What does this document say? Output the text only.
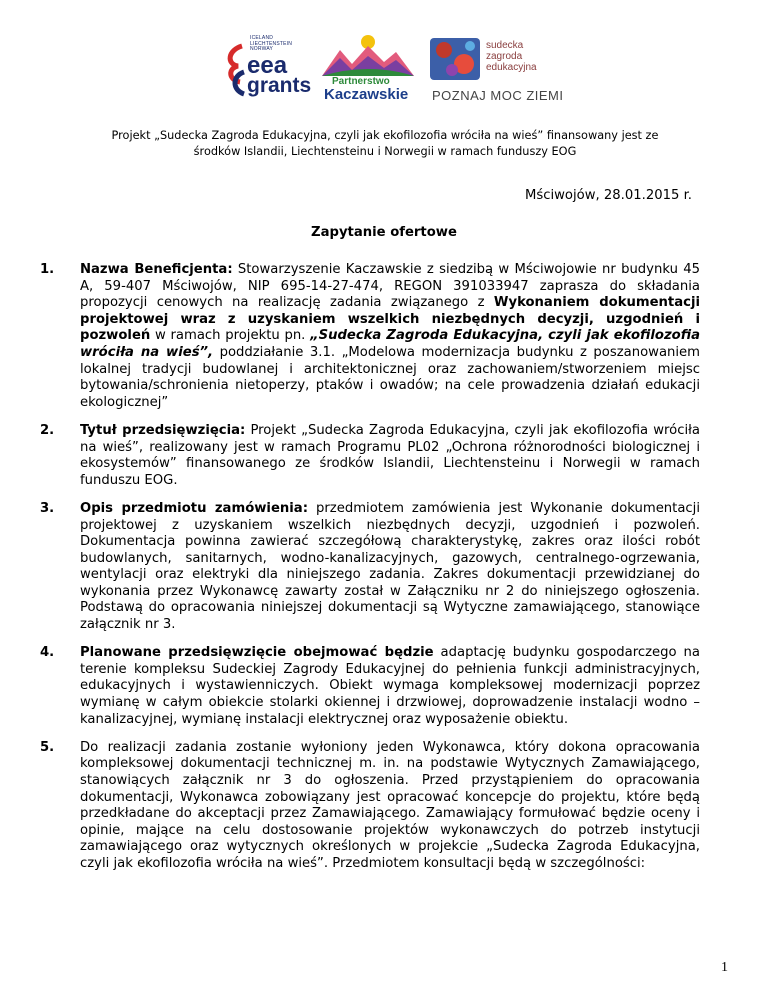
ICELAND
LIECHTENSTEIN
NORWAY
eea
grants Partnerstwo
Kaczawskie
sudecka
zagroda
edukacyjna
POZNAJ MOC ZIEMI
Projekt „Sudecka Zagroda Edukacyjna, czyli jak ekofilozofia wróciła na wieś” finansowany jest ze środków Islandii, Liechtensteinu i Norwegii w ramach funduszy EOG
Mściwojów, 28.01.2015 r.
Zapytanie ofertowe
1. Nazwa Beneficjenta: Stowarzyszenie Kaczawskie z siedzibą w Mściwojowie nr budynku 45 A, 59-407 Mściwojów, NIP 695-14-27-474, REGON 391033947 zaprasza do składania propozycji cenowych na realizację zadania związanego z Wykonaniem dokumentacji projektowej wraz z uzyskaniem wszelkich niezbędnych decyzji, uzgodnień i pozwoleń w ramach projektu pn. „Sudecka Zagroda Edukacyjna, czyli jak ekofilozofia wróciła na wieś”, poddziałanie 3.1. „Modelowa modernizacja budynku z poszanowaniem lokalnej tradycji budowlanej i architektonicznej oraz zachowaniem/stworzeniem miejsc bytowania/schronienia nietoperzy, ptaków i owadów; na cele prowadzenia działań edukacji ekologicznej”
2. Tytuł przedsięwzięcia: Projekt „Sudecka Zagroda Edukacyjna, czyli jak ekofilozofia wróciła na wieś”, realizowany jest w ramach Programu PL02 „Ochrona różnorodności biologicznej i ekosystemów” finansowanego ze środków Islandii, Liechtensteinu i Norwegii w ramach funduszu EOG.
3. Opis przedmiotu zamówienia: przedmiotem zamówienia jest Wykonanie dokumentacji projektowej z uzyskaniem wszelkich niezbędnych decyzji, uzgodnień i pozwoleń. Dokumentacja powinna zawierać szczegółową charakterystykę, zakres oraz ilości robót budowlanych, sanitarnych, wodno-kanalizacyjnych, gazowych, centralnego-ogrzewania, wentylacji oraz elektryki dla niniejszego zadania. Zakres dokumentacji przewidzianej do wykonania przez Wykonawcę zawarty został w Załączniku nr 2 do niniejszego ogłoszenia. Podstawą do opracowania niniejszej dokumentacji są Wytyczne zamawiającego, stanowiące załącznik nr 3.
4. Planowane przedsięwzięcie obejmować będzie adaptację budynku gospodarczego na terenie kompleksu Sudeckiej Zagrody Edukacyjnej do pełnienia funkcji administracyjnych, edukacyjnych i wystawienniczych. Obiekt wymaga kompleksowej modernizacji poprzez wymianę w całym obiekcie stolarki okiennej i drzwiowej, doprowadzenie instalacji wodno – kanalizacyjnej, wymianę instalacji elektrycznej oraz wyposażenie obiektu.
5. Do realizacji zadania zostanie wyłoniony jeden Wykonawca, który dokona opracowania kompleksowej dokumentacji technicznej m. in. na podstawie Wytycznych Zamawiającego, stanowiących załącznik nr 3 do ogłoszenia. Przed przystąpieniem do opracowania dokumentacji, Wykonawca zobowiązany jest opracować koncepcje do projektu, które będą przedkładane do akceptacji przez Zamawiającego. Zamawiający formułować będzie oceny i opinie, mające na celu dostosowanie projektów wykonawczych do potrzeb instytucji zamawiającego oraz wytycznych określonych w projekcie „Sudecka Zagroda Edukacyjna, czyli jak ekofilozofia wróciła na wieś”. Przedmiotem konsultacji będą w szczególności:
1
